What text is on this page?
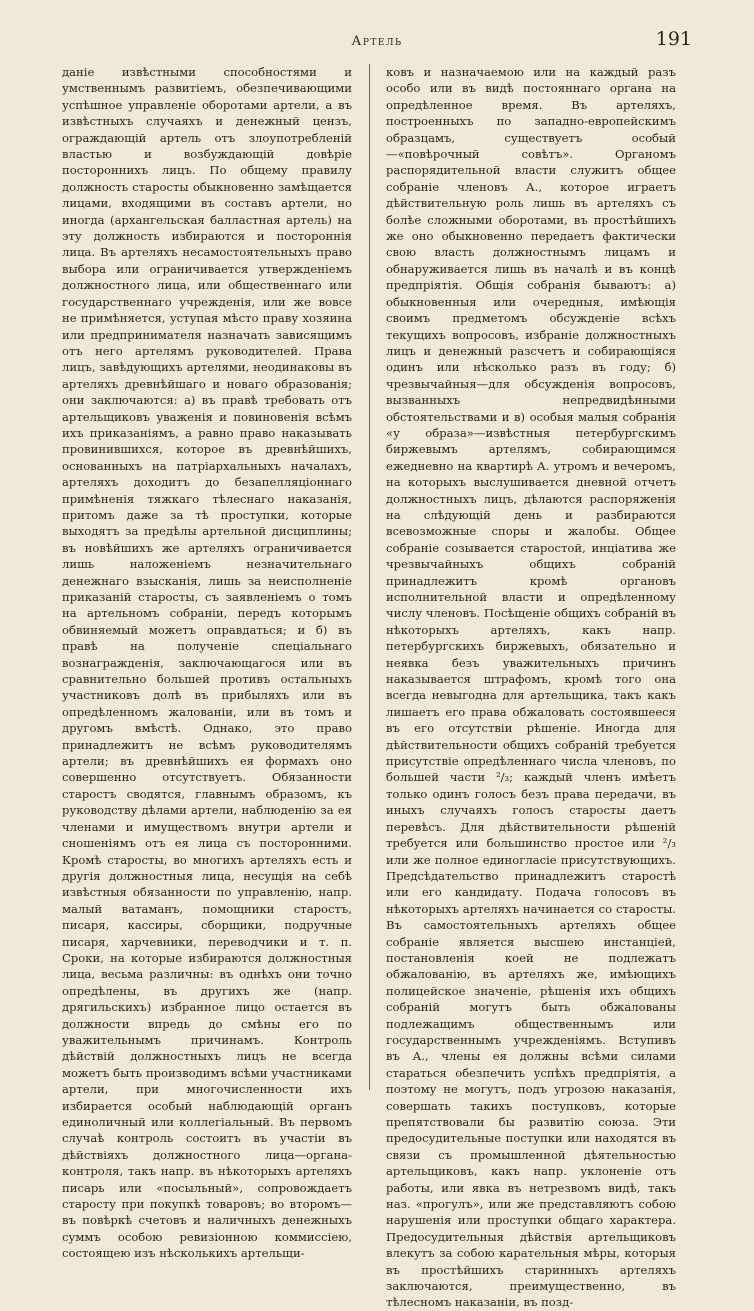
Артель	191

даніе извѣстными способностями и умственнымъ развитіемъ, обезпечивающими успѣшное управленіе оборотами артели, а въ извѣстныхъ случаяхъ и денежный цензъ, ограждающій артель отъ злоупотребленій властью и возбуждающій довѣріе постороннихъ лицъ. По общему правилу должность старосты обыкновенно замѣщается лицами, входящими въ составъ артели, но иногда (архангельская балластная артель) на эту должность избираются и постороннія лица. Въ артеляхъ несамостоятельныхъ право выбора или ограничивается утвержденіемъ должностного лица, или общественнаго или государственнаго учрежденія, или же вовсе не примѣняется, уступая мѣсто праву хозяина или предпринимателя назначать зависящимъ отъ него артелямъ руководителей. Права лицъ, завѣдующихъ артелями, неодинаковы въ артеляхъ древнѣйшаго и новаго образованія; они заключаются: а) въ правѣ требовать отъ артельщиковъ уваженія и повиновенія всѣмъ ихъ приказаніямъ, а равно право наказывать провинившихся, которое въ древнѣйшихъ, основанныхъ на патріархальныхъ началахъ, артеляхъ доходитъ до безапелляціоннаго примѣненія тяжкаго тѣлеснаго наказанія, притомъ даже за тѣ проступки, которые выходятъ за предѣлы артельной дисциплины; въ новѣйшихъ же артеляхъ ограничивается лишь наложеніемъ незначительнаго денежнаго взысканія, лишь за неисполненіе приказаній старосты, съ заявленіемъ о томъ на артельномъ собраніи, передъ которымъ обвиняемый можетъ оправдаться; и б) въ правѣ на полученіе спеціальнаго вознагражденія, заключающагося или въ сравнительно большей противъ остальныхъ участниковъ долѣ въ прибыляхъ или въ опредѣленномъ жалованіи, или въ томъ и другомъ вмѣстѣ. Однако, это право принадлежитъ не всѣмъ руководителямъ артели; въ древнѣйшихъ ея формахъ оно совершенно отсутствуетъ. Обязанности старостъ сводятся, главнымъ образомъ, къ руководству дѣлами артели, наблюденію за ея членами и имуществомъ внутри артели и сношеніямъ отъ ея лица съ посторонними. Кромѣ старосты, во многихъ артеляхъ есть и другія должностныя лица, несущія на себѣ извѣстныя обязанности по управленію, напр. малый ватаманъ, помощники старостъ, писаря, кассиры, сборщики, подручные писаря, харчевники, переводчики и т. п. Сроки, на которые избираются должностныя лица, весьма различны: въ однѣхъ они точно опредѣлены, въ другихъ же (напр. дрягильскихъ) избранное лицо остается въ должности впредь до смѣны его по уважительнымъ причинамъ. Контроль дѣйствій должностныхъ лицъ не всегда можетъ быть производимъ всѣми участниками артели, при многочисленности ихъ избирается особый наблюдающій органъ единоличный или коллегіальный. Въ первомъ случаѣ контроль состоитъ въ участіи въ дѣйствіяхъ должностного лица—органа-контроля, такъ напр. въ нѣкоторыхъ артеляхъ писарь или «посыльный», сопровождаетъ старосту при покупкѣ товаровъ; во второмъ—въ повѣркѣ счетовъ и наличныхъ денежныхъ суммъ особою ревизіонною коммиссіею, состоящею изъ нѣсколькихъ артельщи-

ковъ и назначаемою или на каждый разъ особо или въ видѣ постояннаго органа на опредѣленное время. Въ артеляхъ, построенныхъ по западно-европейскимъ образцамъ, существуетъ особый—«повѣрочный совѣтъ». Органомъ распорядительной власти служитъ общее собраніе членовъ А., которое играетъ дѣйствительную роль лишь въ артеляхъ съ болѣе сложными оборотами, въ простѣйшихъ же оно обыкновенно передаетъ фактически свою власть должностнымъ лицамъ и обнаруживается лишь въ началѣ и въ концѣ предпріятія. Общія собранія бываютъ: а) обыкновенныя или очередныя, имѣющія своимъ предметомъ обсужденіе всѣхъ текущихъ вопросовъ, избраніе должностныхъ лицъ и денежный разсчетъ и собирающіяся одинъ или нѣсколько разъ въ году; б) чрезвычайныя—для обсужденія вопросовъ, вызванныхъ непредвидѣнными обстоятельствами и в) особыя малыя собранія «у образа»—извѣстныя петербургскимъ биржевымъ артелямъ, собирающимся ежедневно на квартирѣ А. утромъ и вечеромъ, на которыхъ выслушивается дневной отчетъ должностныхъ лицъ, дѣлаются распоряженія на слѣдующій день и разбираются всевозможные споры и жалобы. Общее собраніе созывается старостой, инціатива же чрезвычайныхъ общихъ собраній принадлежитъ кромѣ органовъ исполнительной власти и опредѣленному числу членовъ. Посѣщеніе общихъ собраній въ нѣкоторыхъ артеляхъ, какъ напр. петербургскихъ биржевыхъ, обязательно и неявка безъ уважительныхъ причинъ наказывается штрафомъ, кромѣ того она всегда невыгодна для артельщика, такъ какъ лишаетъ его права обжаловать состоявшееся въ его отсутствіи рѣшеніе. Иногда для дѣйствительности общихъ собраній требуется присутствіе опредѣленнаго числа членовъ, по большей части ²/₃; каждый членъ имѣетъ только одинъ голосъ безъ права передачи, въ иныхъ случаяхъ голосъ старосты даетъ перевѣсъ. Для дѣйствительности рѣшеній требуется или большинство простое или ²/₃ или же полное единогласіе присутствующихъ. Предсѣдательство принадлежитъ старостѣ или его кандидату. Подача голосовъ въ нѣкоторыхъ артеляхъ начинается со старосты. Въ самостоятельныхъ артеляхъ общее собраніе является высшею инстанціей, постановленія коей не подлежатъ обжалованію, въ артеляхъ же, имѣющихъ полицейское значеніе, рѣшенія ихъ общихъ собраній могутъ быть обжалованы подлежащимъ общественнымъ или государственнымъ учрежденіямъ. Вступивъ въ А., члены ея должны всѣми силами стараться обезпечить успѣхъ предпріятія, а поэтому не могутъ, подъ угрозою наказанія, совершать такихъ поступковъ, которые препятствовали бы развитію союза. Эти предосудительные поступки или находятся въ связи съ промышленной дѣятельностью артельщиковъ, какъ напр. уклоненіе отъ работы, или явка въ нетрезвомъ видѣ, такъ наз. «прогулъ», или же представляютъ собою нарушенія или проступки общаго характера. Предосудительныя дѣйствія артельщиковъ влекутъ за собою карательныя мѣры, которыя въ простѣйшихъ старинныхъ артеляхъ заключаются, преимущественно, въ тѣлесномъ наказаніи, въ позд-
